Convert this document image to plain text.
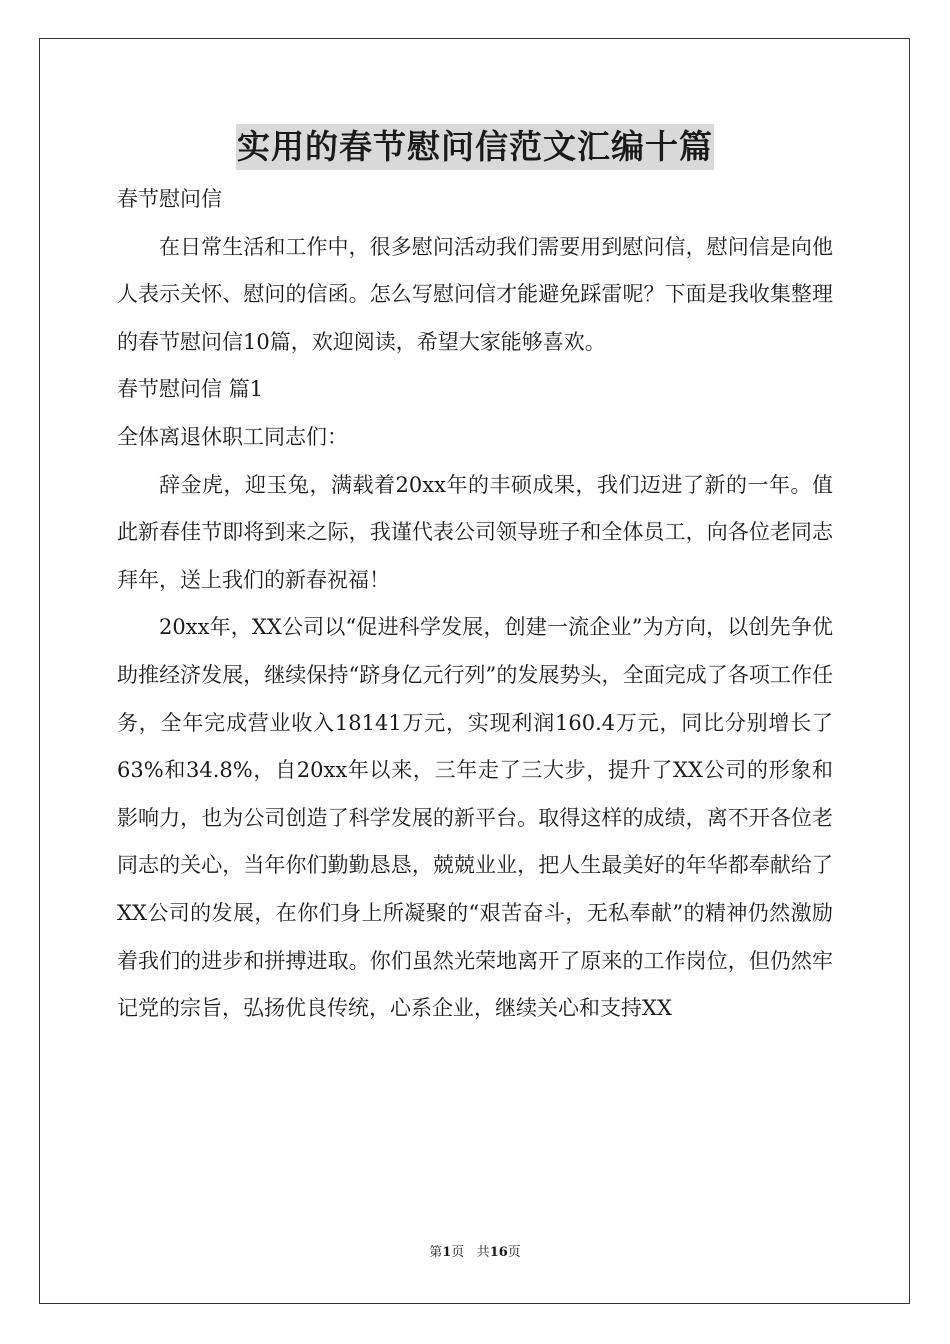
实用的春节慰问信范文汇编十篇

春节慰问信

在日常生活和工作中，很多慰问活动我们需要用到慰问信，慰问信是向他人表示关怀、慰问的信函。怎么写慰问信才能避免踩雷呢？下面是我收集整理的春节慰问信10篇，欢迎阅读，希望大家能够喜欢。

春节慰问信 篇1

全体离退休职工同志们：

辞金虎，迎玉兔，满载着20xx年的丰硕成果，我们迈进了新的一年。值此新春佳节即将到来之际，我谨代表公司领导班子和全体员工，向各位老同志拜年，送上我们的新春祝福！

20xx年，XX公司以“促进科学发展，创建一流企业”为方向，以创先争优助推经济发展，继续保持“跻身亿元行列”的发展势头，全面完成了各项工作任务，全年完成营业收入18141万元，实现利润160.4万元，同比分别增长了63%和34.8%，自20xx年以来，三年走了三大步，提升了XX公司的形象和影响力，也为公司创造了科学发展的新平台。取得这样的成绩，离不开各位老同志的关心，当年你们勤勤恳恳，兢兢业业，把人生最美好的年华都奉献给了XX公司的发展，在你们身上所凝聚的“艰苦奋斗，无私奉献”的精神仍然激励着我们的进步和拼搏进取。你们虽然光荣地离开了原来的工作岗位，但仍然牢记党的宗旨，弘扬优良传统，心系企业，继续关心和支持XX

第1页 共16页
